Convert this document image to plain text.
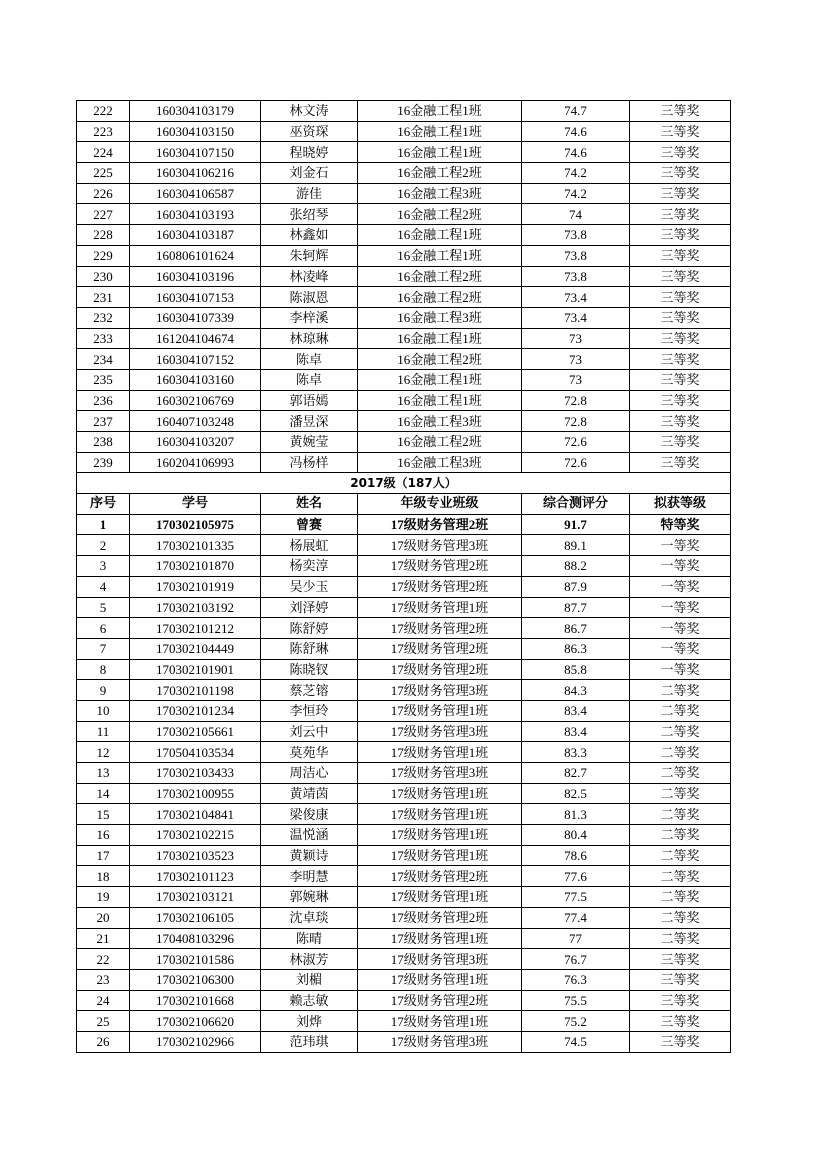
222	160304103179	林文涛	16金融工程1班	74.7	三等奖
223	160304103150	巫资琛	16金融工程1班	74.6	三等奖
224	160304107150	程晓婷	16金融工程1班	74.6	三等奖
225	160304106216	刘金石	16金融工程2班	74.2	三等奖
226	160304106587	游佳	16金融工程3班	74.2	三等奖
227	160304103193	张绍琴	16金融工程2班	74	三等奖
228	160304103187	林鑫如	16金融工程1班	73.8	三等奖
229	160806101624	朱轲辉	16金融工程1班	73.8	三等奖
230	160304103196	林凌峰	16金融工程2班	73.8	三等奖
231	160304107153	陈淑恩	16金融工程2班	73.4	三等奖
232	160304107339	李梓溪	16金融工程3班	73.4	三等奖
233	161204104674	林琼琳	16金融工程1班	73	三等奖
234	160304107152	陈卓	16金融工程2班	73	三等奖
235	160304103160	陈卓	16金融工程1班	73	三等奖
236	160302106769	郭语嫣	16金融工程1班	72.8	三等奖
237	160407103248	潘昱深	16金融工程3班	72.8	三等奖
238	160304103207	黄婉莹	16金融工程2班	72.6	三等奖
239	160204106993	冯杨样	16金融工程3班	72.6	三等奖
2017级（187人）					
序号	学号	姓名	年级专业班级	综合测评分	拟获等级
1	170302105975	曾赛	17级财务管理2班	91.7	特等奖
2	170302101335	杨展虹	17级财务管理3班	89.1	一等奖
3	170302101870	杨奕淳	17级财务管理2班	88.2	一等奖
4	170302101919	吴少玉	17级财务管理2班	87.9	一等奖
5	170302103192	刘泽婷	17级财务管理1班	87.7	一等奖
6	170302101212	陈舒婷	17级财务管理2班	86.7	一等奖
7	170302104449	陈舒琳	17级财务管理2班	86.3	一等奖
8	170302101901	陈晓钗	17级财务管理2班	85.8	一等奖
9	170302101198	蔡芝镕	17级财务管理3班	84.3	二等奖
10	170302101234	李恒玲	17级财务管理1班	83.4	二等奖
11	170302105661	刘云中	17级财务管理3班	83.4	二等奖
12	170504103534	莫苑华	17级财务管理1班	83.3	二等奖
13	170302103433	周洁心	17级财务管理3班	82.7	二等奖
14	170302100955	黄靖茵	17级财务管理1班	82.5	二等奖
15	170302104841	梁俊康	17级财务管理1班	81.3	二等奖
16	170302102215	温悦涵	17级财务管理1班	80.4	二等奖
17	170302103523	黄颖诗	17级财务管理1班	78.6	二等奖
18	170302101123	李明慧	17级财务管理2班	77.6	二等奖
19	170302103121	郭婉琳	17级财务管理1班	77.5	二等奖
20	170302106105	沈卓琰	17级财务管理2班	77.4	二等奖
21	170408103296	陈晴	17级财务管理1班	77	二等奖
22	170302101586	林淑芳	17级财务管理3班	76.7	三等奖
23	170302106300	刘楣	17级财务管理1班	76.3	三等奖
24	170302101668	赖志敏	17级财务管理2班	75.5	三等奖
25	170302106620	刘烨	17级财务管理1班	75.2	三等奖
26	170302102966	范玮琪	17级财务管理3班	74.5	三等奖
